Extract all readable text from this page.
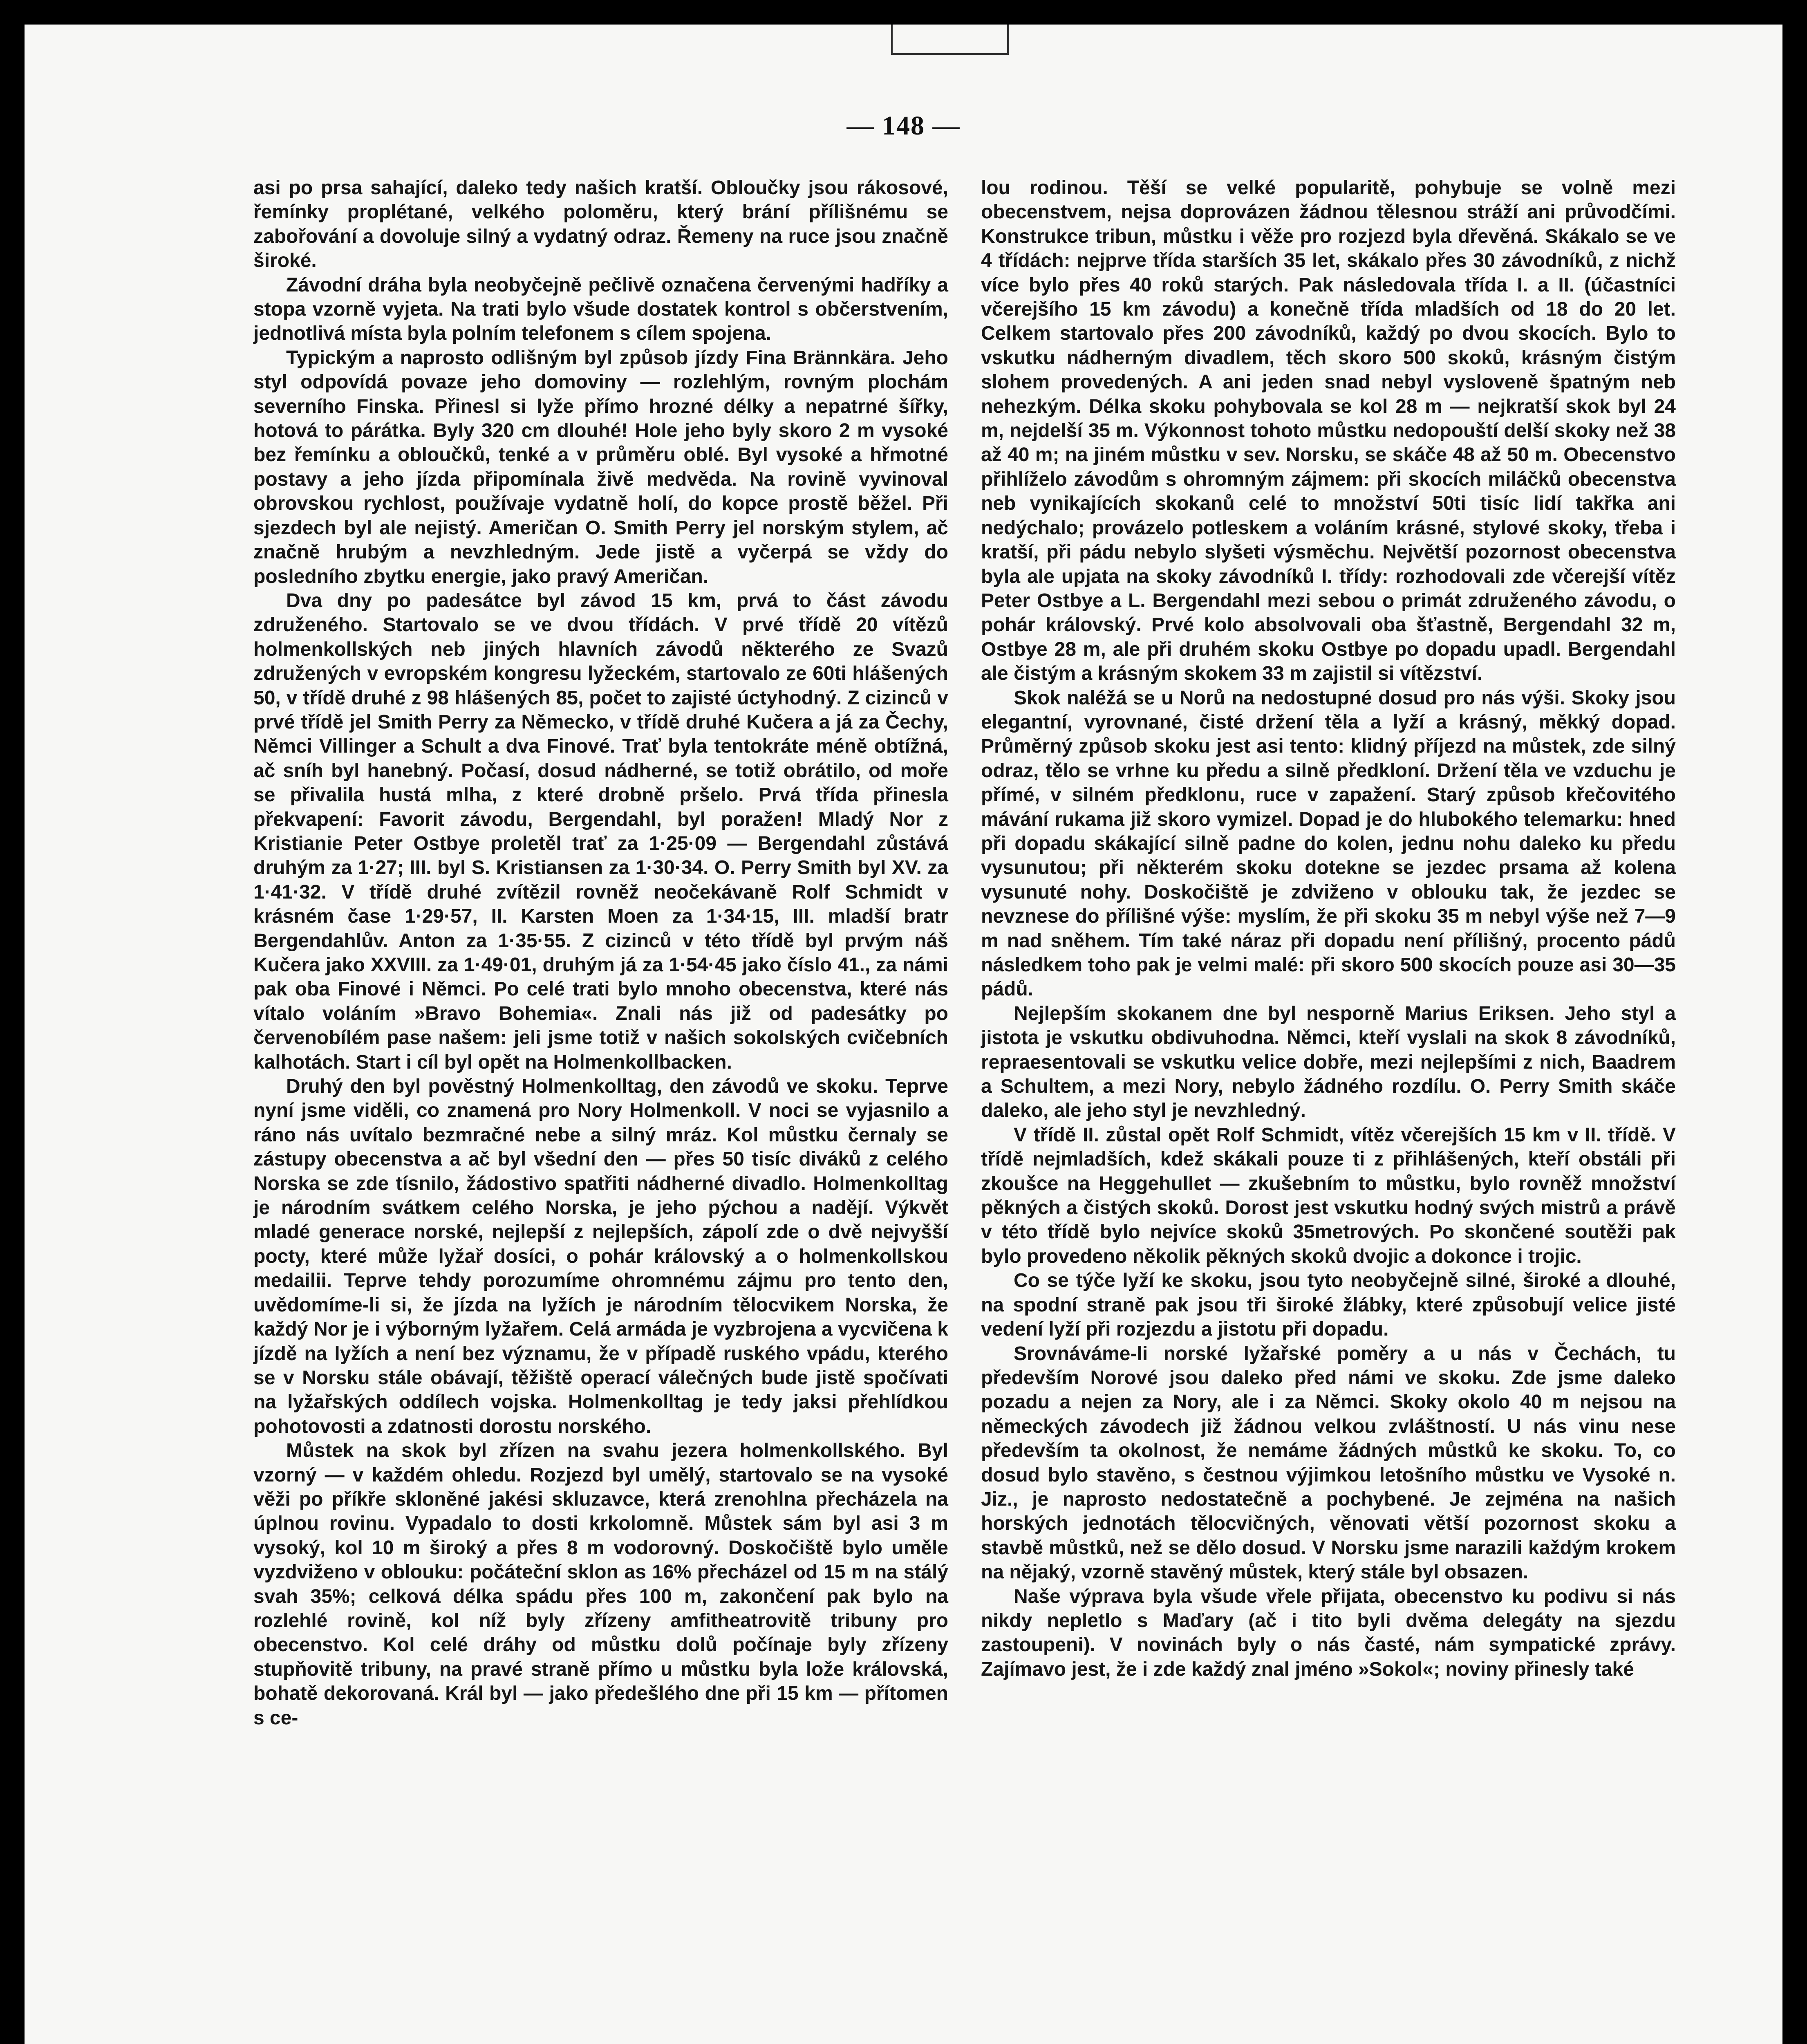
— 148 —

asi po prsa sahající, daleko tedy našich kratší. Obloučky jsou rákosové, řemínky proplétané, velkého poloměru, který brání přílišnému se zabořování a dovoluje silný a vydatný odraz. Řemeny na ruce jsou značně široké.

Závodní dráha byla neobyčejně pečlivě označena červenými hadříky a stopa vzorně vyjeta. Na trati bylo všude dostatek kontrol s občerstvením, jednotlivá místa byla polním telefonem s cílem spojena.

Typickým a naprosto odlišným byl způsob jízdy Fina Brännkära. Jeho styl odpovídá povaze jeho domoviny — rozlehlým, rovným plochám severního Finska. Přinesl si lyže přímo hrozné délky a nepatrné šířky, hotová to párátka. Byly 320 cm dlouhé! Hole jeho byly skoro 2 m vysoké bez řemínku a obloučků, tenké a v průměru oblé. Byl vysoké a hřmotné postavy a jeho jízda připomínala živě medvěda. Na rovině vyvinoval obrovskou rychlost, používaje vydatně holí, do kopce prostě běžel. Při sjezdech byl ale nejistý. Američan O. Smith Perry jel norským stylem, ač značně hrubým a nevzhledným. Jede jistě a vyčerpá se vždy do posledního zbytku energie, jako pravý Američan.

Dva dny po padesátce byl závod 15 km, prvá to část závodu združeného. Startovalo se ve dvou třídách. V prvé třídě 20 vítězů holmenkollských neb jiných hlavních závodů některého ze Svazů združených v evropském kongresu lyžeckém, startovalo ze 60ti hlášených 50, v třídě druhé z 98 hlášených 85, počet to zajisté úctyhodný. Z cizinců v prvé třídě jel Smith Perry za Německo, v třídě druhé Kučera a já za Čechy, Němci Villinger a Schult a dva Finové. Trať byla tentokráte méně obtížná, ač sníh byl hanebný. Počasí, dosud nádherné, se totiž obrátilo, od moře se přivalila hustá mlha, z které drobně pršelo. Prvá třída přinesla překvapení: Favorit závodu, Bergendahl, byl poražen! Mladý Nor z Kristianie Peter Ostbye proletěl trať za 1·25·09 — Bergendahl zůstává druhým za 1·27; III. byl S. Kristiansen za 1·30·34. O. Perry Smith byl XV. za 1·41·32. V třídě druhé zvítězil rovněž neočekávaně Rolf Schmidt v krásném čase 1·29·57, II. Karsten Moen za 1·34·15, III. mladší bratr Bergendahlův. Anton za 1·35·55. Z cizinců v této třídě byl prvým náš Kučera jako XXVIII. za 1·49·01, druhým já za 1·54·45 jako číslo 41., za námi pak oba Finové i Němci. Po celé trati bylo mnoho obecenstva, které nás vítalo voláním »Bravo Bohemia«. Znali nás již od padesátky po červenobílém pase našem: jeli jsme totiž v našich sokolských cvičebních kalhotách. Start i cíl byl opět na Holmenkollbacken.

Druhý den byl pověstný Holmenkolltag, den závodů ve skoku. Teprve nyní jsme viděli, co znamená pro Nory Holmenkoll. V noci se vyjasnilo a ráno nás uvítalo bezmračné nebe a silný mráz. Kol můstku černaly se zástupy obecenstva a ač byl všední den — přes 50 tisíc diváků z celého Norska se zde tísnilo, žádostivo spatřiti nádherné divadlo. Holmenkolltag je národním svátkem celého Norska, je jeho pýchou a nadějí. Výkvět mladé generace norské, nejlepší z nejlepších, zápolí zde o dvě nejvyšší pocty, které může lyžař dosíci, o pohár královský a o holmenkollskou medailii. Teprve tehdy porozumíme ohromnému zájmu pro tento den, uvědomíme-li si, že jízda na lyžích je národním tělocvikem Norska, že každý Nor je i výborným lyžařem. Celá armáda je vyzbrojena a vycvičena k jízdě na lyžích a není bez významu, že v případě ruského vpádu, kterého se v Norsku stále obávají, těžiště operací válečných bude jistě spočívati na lyžařských oddílech vojska. Holmenkolltag je tedy jaksi přehlídkou pohotovosti a zdatnosti dorostu norského.

Můstek na skok byl zřízen na svahu jezera holmenkollského. Byl vzorný — v každém ohledu. Rozjezd byl umělý, startovalo se na vysoké věži po příkře skloněné jakési skluzavce, která zrenohlna přecházela na úplnou rovinu. Vypadalo to dosti krkolomně. Můstek sám byl asi 3 m vysoký, kol 10 m široký a přes 8 m vodorovný. Doskočiště bylo uměle vyzdviženo v oblouku: počáteční sklon as 16% přecházel od 15 m na stálý svah 35%; celková délka spádu přes 100 m, zakončení pak bylo na rozlehlé rovině, kol níž byly zřízeny amfitheatrovitě tribuny pro obecenstvo. Kol celé dráhy od můstku dolů počínaje byly zřízeny stupňovitě tribuny, na pravé straně přímo u můstku byla lože královská, bohatě dekorovaná. Král byl — jako předešlého dne při 15 km — přítomen s ce-

lou rodinou. Těší se velké popularitě, pohybuje se volně mezi obecenstvem, nejsa doprovázen žádnou tělesnou stráží ani průvodčími. Konstrukce tribun, můstku i věže pro rozjezd byla dřevěná. Skákalo se ve 4 třídách: nejprve třída starších 35 let, skákalo přes 30 závodníků, z nichž více bylo přes 40 roků starých. Pak následovala třída I. a II. (účastníci včerejšího 15 km závodu) a konečně třída mladších od 18 do 20 let. Celkem startovalo přes 200 závodníků, každý po dvou skocích. Bylo to vskutku nádherným divadlem, těch skoro 500 skoků, krásným čistým slohem provedených. A ani jeden snad nebyl vysloveně špatným neb nehezkým. Délka skoku pohybovala se kol 28 m — nejkratší skok byl 24 m, nejdelší 35 m. Výkonnost tohoto můstku nedopouští delší skoky než 38 až 40 m; na jiném můstku v sev. Norsku, se skáče 48 až 50 m. Obecenstvo přihlíželo závodům s ohromným zájmem: při skocích miláčků obecenstva neb vynikajících skokanů celé to množství 50ti tisíc lidí takřka ani nedýchalo; provázelo potleskem a voláním krásné, stylové skoky, třeba i kratší, při pádu nebylo slyšeti výsměchu. Největší pozornost obecenstva byla ale upjata na skoky závodníků I. třídy: rozhodovali zde včerejší vítěz Peter Ostbye a L. Bergendahl mezi sebou o primát združeného závodu, o pohár královský. Prvé kolo absolvovali oba šťastně, Bergendahl 32 m, Ostbye 28 m, ale při druhém skoku Ostbye po dopadu upadl. Bergendahl ale čistým a krásným skokem 33 m zajistil si vítězství.

Skok naléžá se u Norů na nedostupné dosud pro nás výši. Skoky jsou elegantní, vyrovnané, čisté držení těla a lyží a krásný, měkký dopad. Průměrný způsob skoku jest asi tento: klidný příjezd na můstek, zde silný odraz, tělo se vrhne ku předu a silně předkloní. Držení těla ve vzduchu je přímé, v silném předklonu, ruce v zapažení. Starý způsob křečovitého mávání rukama již skoro vymizel. Dopad je do hlubokého telemarku: hned při dopadu skákající silně padne do kolen, jednu nohu daleko ku předu vysunutou; při některém skoku dotekne se jezdec prsama až kolena vysunuté nohy. Doskočiště je zdviženo v oblouku tak, že jezdec se nevznese do přílišné výše: myslím, že při skoku 35 m nebyl výše než 7—9 m nad sněhem. Tím také náraz při dopadu není přílišný, procento pádů následkem toho pak je velmi malé: při skoro 500 skocích pouze asi 30—35 pádů.

Nejlepším skokanem dne byl nesporně Marius Eriksen. Jeho styl a jistota je vskutku obdivuhodna. Němci, kteří vyslali na skok 8 závodníků, repraesentovali se vskutku velice dobře, mezi nejlepšími z nich, Baadrem a Schultem, a mezi Nory, nebylo žádného rozdílu. O. Perry Smith skáče daleko, ale jeho styl je nevzhledný.

V třídě II. zůstal opět Rolf Schmidt, vítěz včerejších 15 km v II. třídě. V třídě nejmladších, kdež skákali pouze ti z přihlášených, kteří obstáli při zkoušce na Heggehullet — zkušebním to můstku, bylo rovněž množství pěkných a čistých skoků. Dorost jest vskutku hodný svých mistrů a právě v této třídě bylo nejvíce skoků 35metrových. Po skončené soutěži pak bylo provedeno několik pěkných skoků dvojic a dokonce i trojic.

Co se týče lyží ke skoku, jsou tyto neobyčejně silné, široké a dlouhé, na spodní straně pak jsou tři široké žlábky, které způsobují velice jisté vedení lyží při rozjezdu a jistotu při dopadu.

Srovnáváme-li norské lyžařské poměry a u nás v Čechách, tu především Norové jsou daleko před námi ve skoku. Zde jsme daleko pozadu a nejen za Nory, ale i za Němci. Skoky okolo 40 m nejsou na německých závodech již žádnou velkou zvláštností. U nás vinu nese především ta okolnost, že nemáme žádných můstků ke skoku. To, co dosud bylo stavěno, s čestnou výjimkou letošního můstku ve Vysoké n. Jiz., je naprosto nedostatečně a pochybené. Je zejména na našich horských jednotách tělocvičných, věnovati větší pozornost skoku a stavbě můstků, než se dělo dosud. V Norsku jsme narazili každým krokem na nějaký, vzorně stavěný můstek, který stále byl obsazen.

Naše výprava byla všude vřele přijata, obecenstvo ku podivu si nás nikdy nepletlo s Maďary (ač i tito byli dvěma delegáty na sjezdu zastoupeni). V novinách byly o nás časté, nám sympatické zprávy. Zajímavo jest, že i zde každý znal jméno »Sokol«; noviny přinesly také
